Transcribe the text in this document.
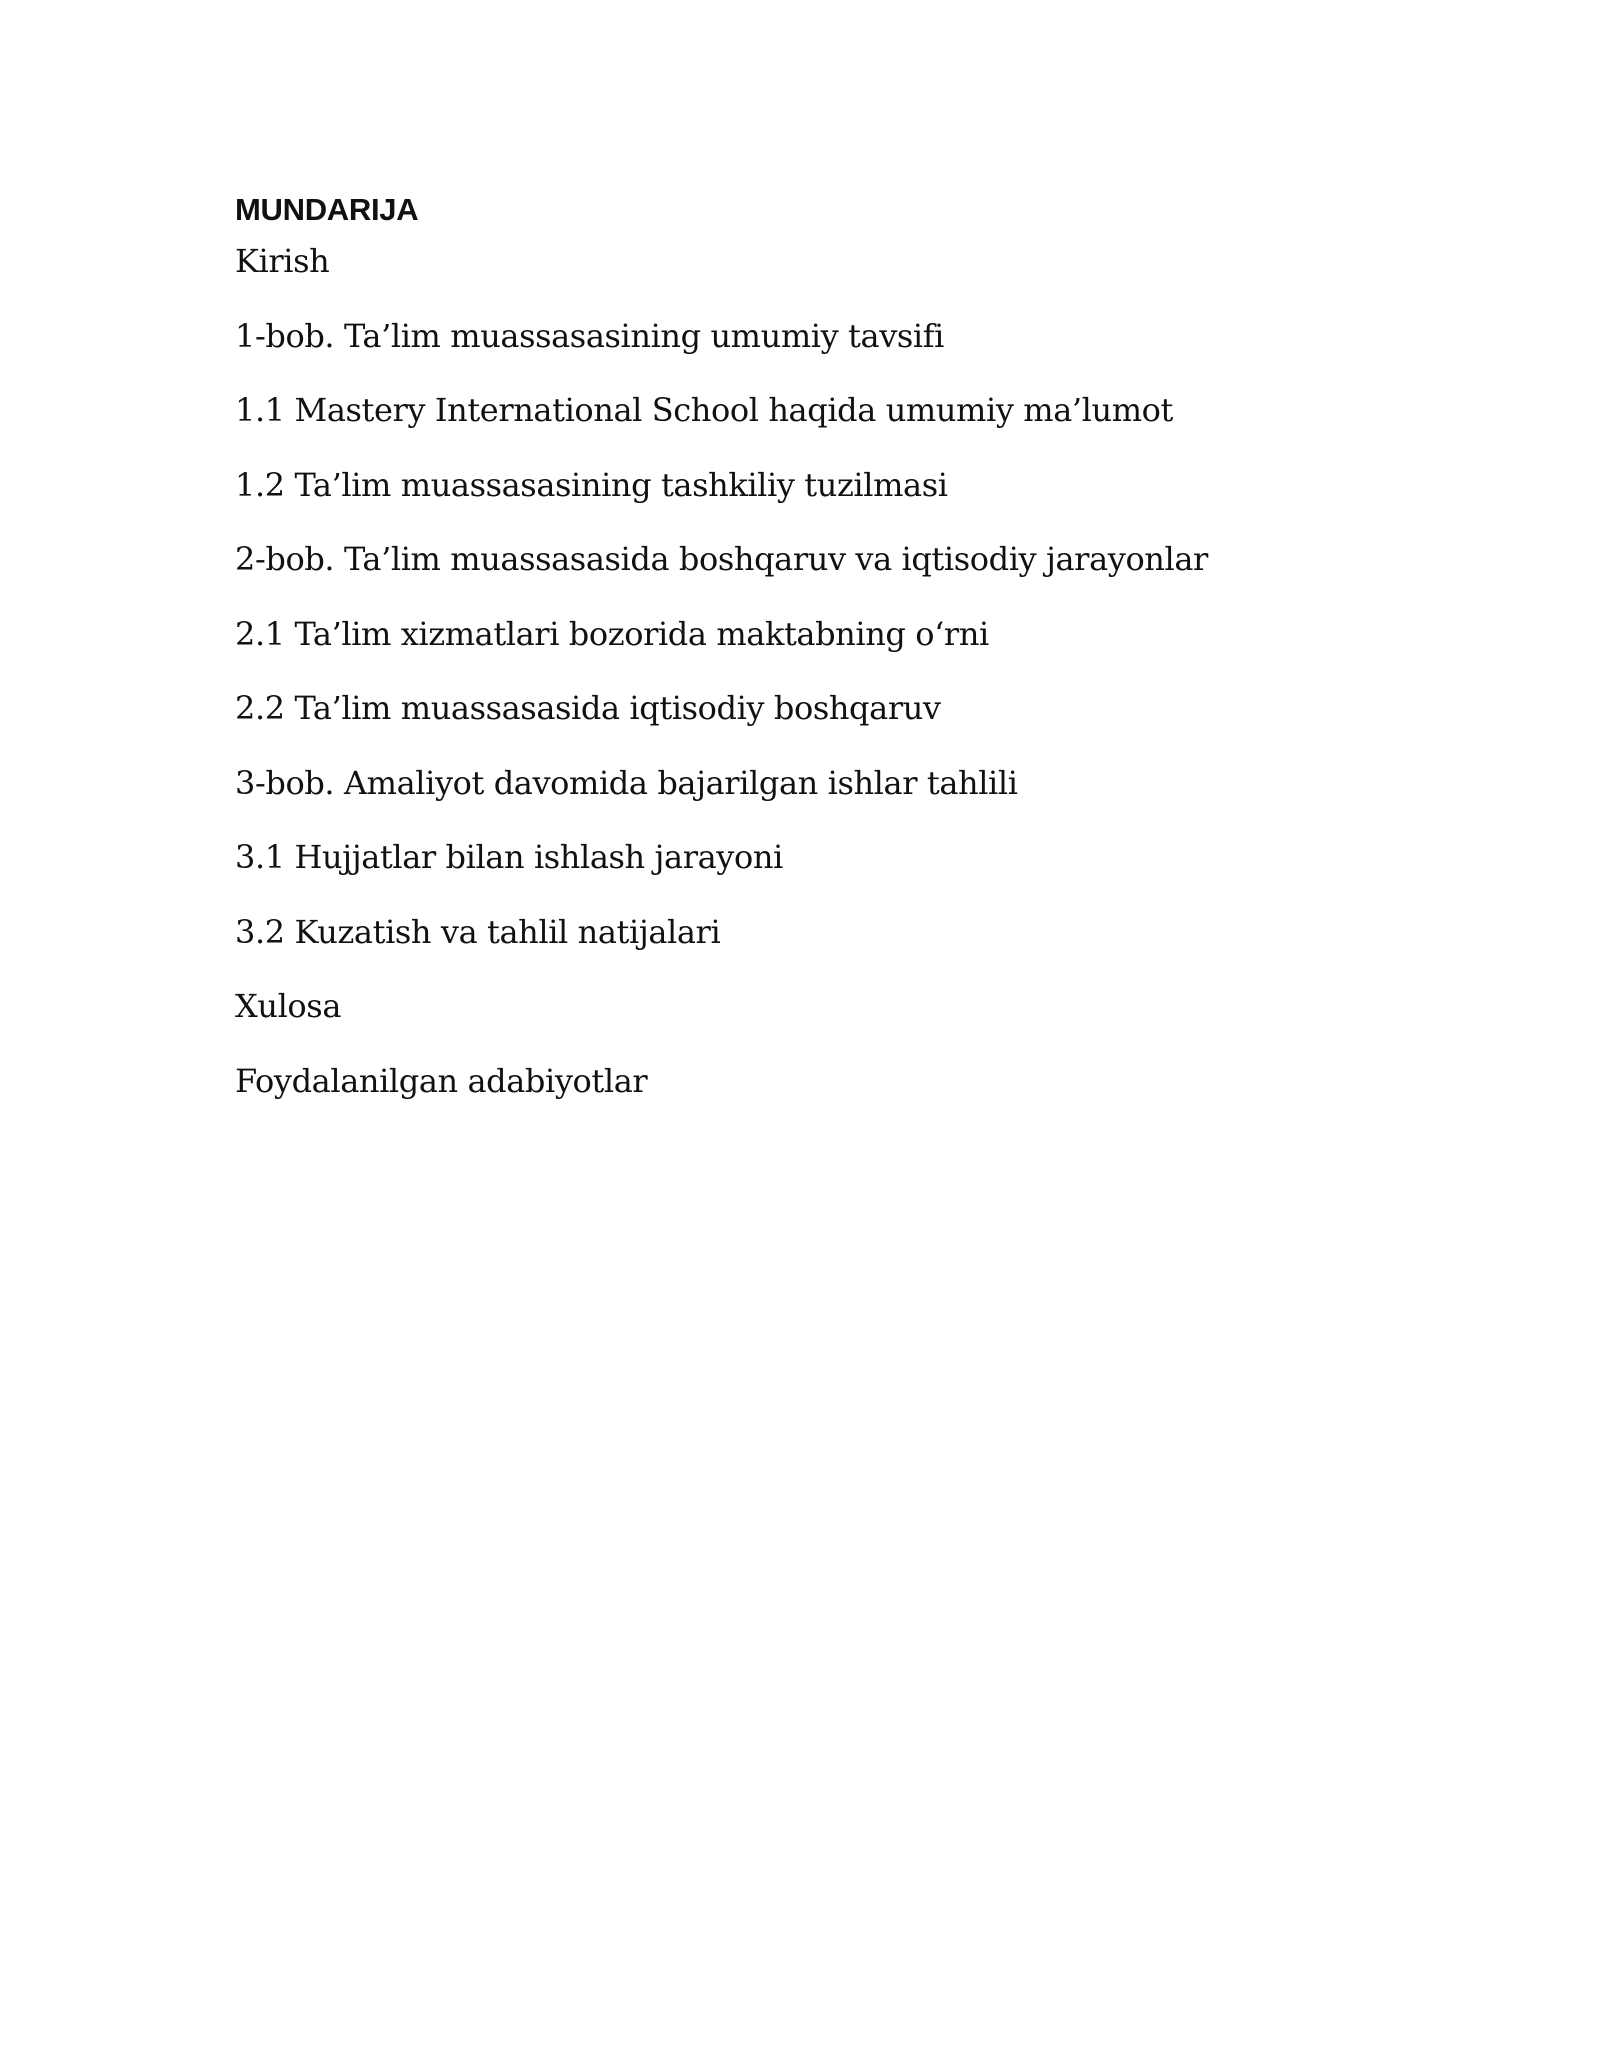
MUNDARIJA
Kirish
1-bob. Ta’lim muassasasining umumiy tavsifi
1.1 Mastery International School haqida umumiy ma’lumot
1.2 Ta’lim muassasasining tashkiliy tuzilmasi
2-bob. Ta’lim muassasasida boshqaruv va iqtisodiy jarayonlar
2.1 Ta’lim xizmatlari bozorida maktabning o‘rni
2.2 Ta’lim muassasasida iqtisodiy boshqaruv
3-bob. Amaliyot davomida bajarilgan ishlar tahlili
3.1 Hujjatlar bilan ishlash jarayoni
3.2 Kuzatish va tahlil natijalari
Xulosa
Foydalanilgan adabiyotlar
